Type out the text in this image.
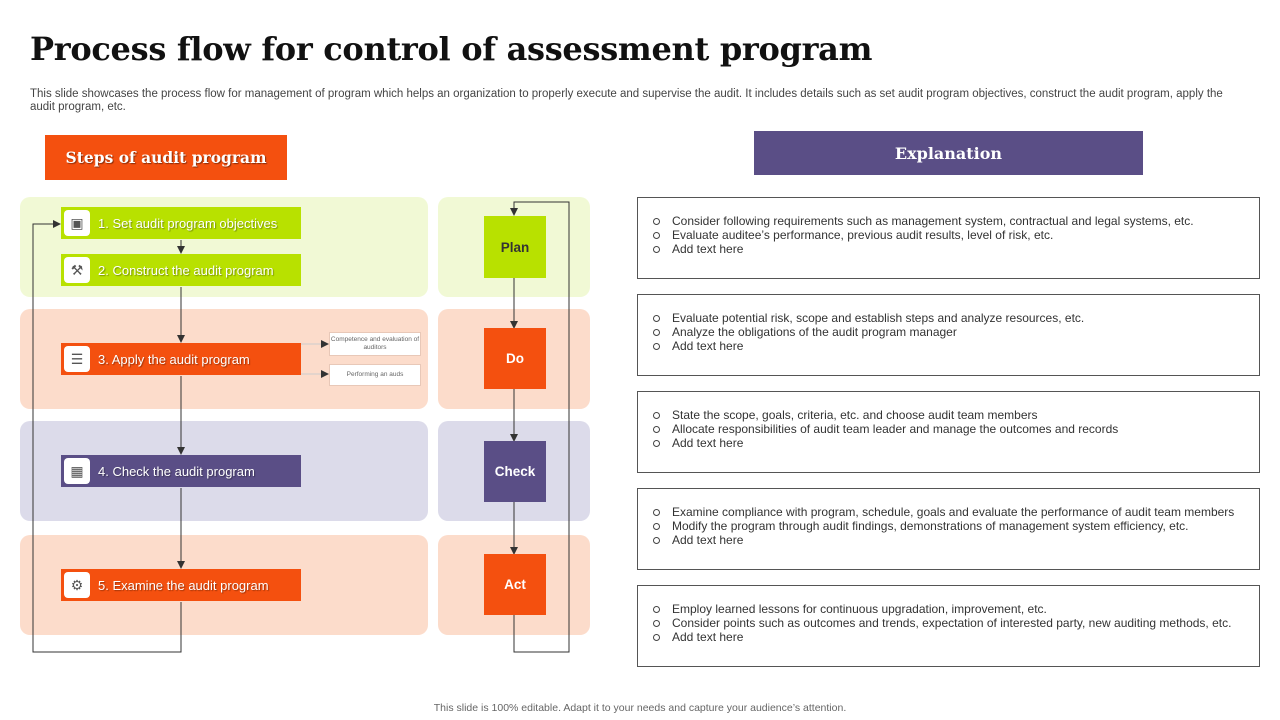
Process flow for control of assessment program
This slide showcases the process flow for management of program which helps an organization to properly execute and supervise the audit. It includes details such as set audit program objectives, construct the audit program, apply the audit program, etc.
Steps of audit program	Explanation
▣	1. Set audit program objectives
⚒	2. Construct the audit program
☰	3. Apply the audit program
▦	4. Check the audit program
⚙	5. Examine the audit program
Competence and evaluation of auditors
Performing an auds
Plan
Do
Check
Act
Consider following requirements such as management system, contractual and legal systems, etc.
Evaluate auditee’s performance, previous audit results, level of risk, etc.
Add text here
Evaluate potential risk, scope and establish steps and analyze resources, etc.
Analyze the obligations of the audit program manager
Add text here
State the scope, goals, criteria, etc. and choose audit team members
Allocate responsibilities of audit team leader and manage the outcomes and records
Add text here
Examine compliance with program, schedule, goals and evaluate the performance of audit team members
Modify the program through audit findings, demonstrations of management system efficiency, etc.
Add text here
Employ learned lessons for continuous upgradation, improvement, etc.
Consider points such as outcomes and trends, expectation of interested party, new auditing methods, etc.
Add text here
This slide is 100% editable. Adapt it to your needs and capture your audience’s attention.
